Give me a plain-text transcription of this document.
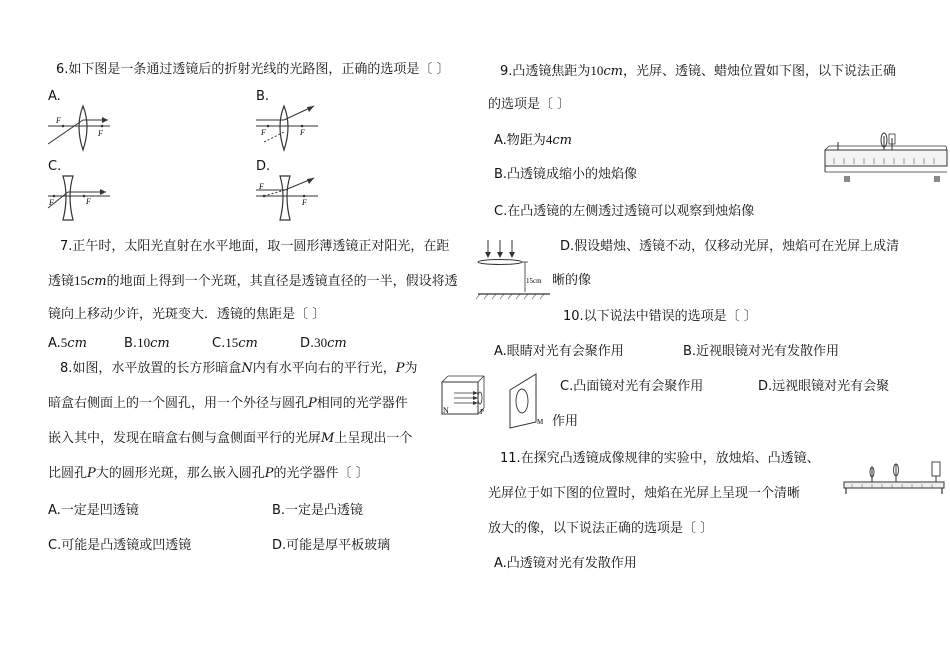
6.如下图是一条通过透镜后的折射光线的光路图，正确的选项是〔 〕
A.	B.
C.	D.
F
F	F	F
F	F
F
F
7.正午时，太阳光直射在水平地面，取一圆形薄透镜正对阳光，在距
透镜15cm的地面上得到一个光斑，其直径是透镜直径的一半，假设将透
镜向上移动少许，光斑变大．透镜的焦距是〔 〕
A.5cm	B.10cm	C.15cm	D.30cm
8.如图，水平放置的长方形暗盒N内有水平向右的平行光，P为
暗盒右侧面上的一个圆孔，用一个外径与圆孔P相同的光学器件
嵌入其中，发现在暗盒右侧与盒侧面平行的光屏M上呈现出一个
比圆孔P大的圆形光斑，那么嵌入圆孔P的光学器件〔 〕
A.一定是凹透镜	B.一定是凸透镜
C.可能是凸透镜或凹透镜	D.可能是厚平板玻璃
15cm
N	P
M
9.凸透镜焦距为10cm，光屏、透镜、蜡烛位置如下图，以下说法正确
的选项是〔 〕
A.物距为4cm
B.凸透镜成缩小的烛焰像
C.在凸透镜的左侧透过透镜可以观察到烛焰像
D.假设蜡烛、透镜不动，仅移动光屏，烛焰可在光屏上成清
晰的像
10.以下说法中错误的选项是〔 〕
A.眼睛对光有会聚作用	B.近视眼镜对光有发散作用
C.凸面镜对光有会聚作用	D.远视眼镜对光有会聚
作用
11.在探究凸透镜成像规律的实验中，放烛焰、凸透镜、
光屏位于如下图的位置时，烛焰在光屏上呈现一个清晰
放大的像，以下说法正确的选项是〔 〕
A.凸透镜对光有发散作用
